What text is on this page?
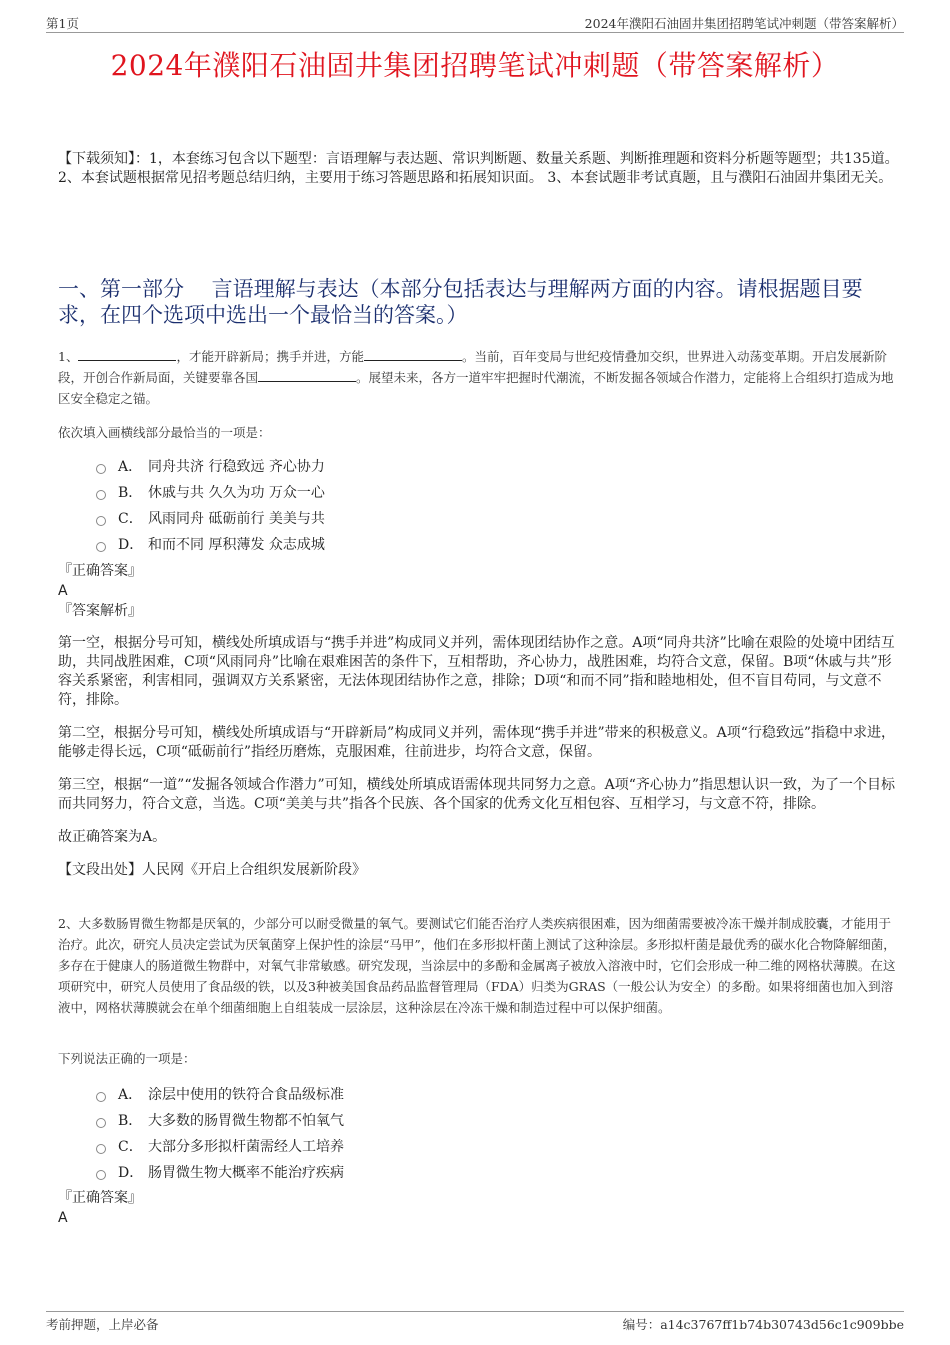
第1页	2024年濮阳石油固井集团招聘笔试冲刺题（带答案解析）
2024年濮阳石油固井集团招聘笔试冲刺题（带答案解析）
【下载须知】：1，本套练习包含以下题型：言语理解与表达题、常识判断题、数量关系题、判断推理题和资料分析题等题型；共135道。 2、本套试题根据常见招考题总结归纳，主要用于练习答题思路和拓展知识面。 3、本套试题非考试真题，且与濮阳石油固井集团无关。
一、第一部分　 言语理解与表达（本部分包括表达与理解两方面的内容。请根据题目要求，在四个选项中选出一个最恰当的答案。）
1、	，才能开辟新局；携手并进，方能	。当前，百年变局与世纪疫情叠加交织，世界进入动荡变革期。开启发展新阶段，开创合作新局面，关键要靠各国	。展望未来，各方一道牢牢把握时代潮流，不断发掘各领域合作潜力，定能将上合组织打造成为地区安全稳定之锚。
依次填入画横线部分最恰当的一项是：
A． 同舟共济 行稳致远 齐心协力
B． 休戚与共 久久为功 万众一心
C． 风雨同舟 砥砺前行 美美与共
D． 和而不同 厚积薄发 众志成城
『正确答案』
A
『答案解析』

第一空，根据分号可知，横线处所填成语与“携手并进”构成同义并列，需体现团结协作之意。A项“同舟共济”比喻在艰险的处境中团结互助，共同战胜困难，C项“风雨同舟”比喻在艰难困苦的条件下，互相帮助，齐心协力，战胜困难，均符合文意，保留。B项“休戚与共”形容关系紧密，利害相同，强调双方关系紧密，无法体现团结协作之意，排除；D项“和而不同”指和睦地相处，但不盲目苟同，与文意不符，排除。

第二空，根据分号可知，横线处所填成语与“开辟新局”构成同义并列，需体现“携手并进”带来的积极意义。A项“行稳致远”指稳中求进，能够走得长远，C项“砥砺前行”指经历磨炼，克服困难，往前进步，均符合文意，保留。

第三空，根据“一道”“发掘各领域合作潜力”可知，横线处所填成语需体现共同努力之意。A项“齐心协力”指思想认识一致，为了一个目标而共同努力，符合文意，当选。C项“美美与共”指各个民族、各个国家的优秀文化互相包容、互相学习，与文意不符，排除。

故正确答案为A。

【文段出处】人民网《开启上合组织发展新阶段》

2、大多数肠胃微生物都是厌氧的，少部分可以耐受微量的氧气。要测试它们能否治疗人类疾病很困难，因为细菌需要被冷冻干燥并制成胶囊，才能用于治疗。此次，研究人员决定尝试为厌氧菌穿上保护性的涂层“马甲”，他们在多形拟杆菌上测试了这种涂层。多形拟杆菌是最优秀的碳水化合物降解细菌，多存在于健康人的肠道微生物群中，对氧气非常敏感。研究发现，当涂层中的多酚和金属离子被放入溶液中时，它们会形成一种二维的网格状薄膜。在这项研究中，研究人员使用了食品级的铁，以及3种被美国食品药品监督管理局（FDA）归类为GRAS（一般公认为安全）的多酚。如果将细菌也加入到溶液中，网格状薄膜就会在单个细菌细胞上自组装成一层涂层，这种涂层在冷冻干燥和制造过程中可以保护细菌。
下列说法正确的一项是：
A． 涂层中使用的铁符合食品级标准
B． 大多数的肠胃微生物都不怕氧气
C． 大部分多形拟杆菌需经人工培养
D． 肠胃微生物大概率不能治疗疾病
『正确答案』
A
考前押题，上岸必备	编号：a14c3767ff1b74b30743d56c1c909bbe
